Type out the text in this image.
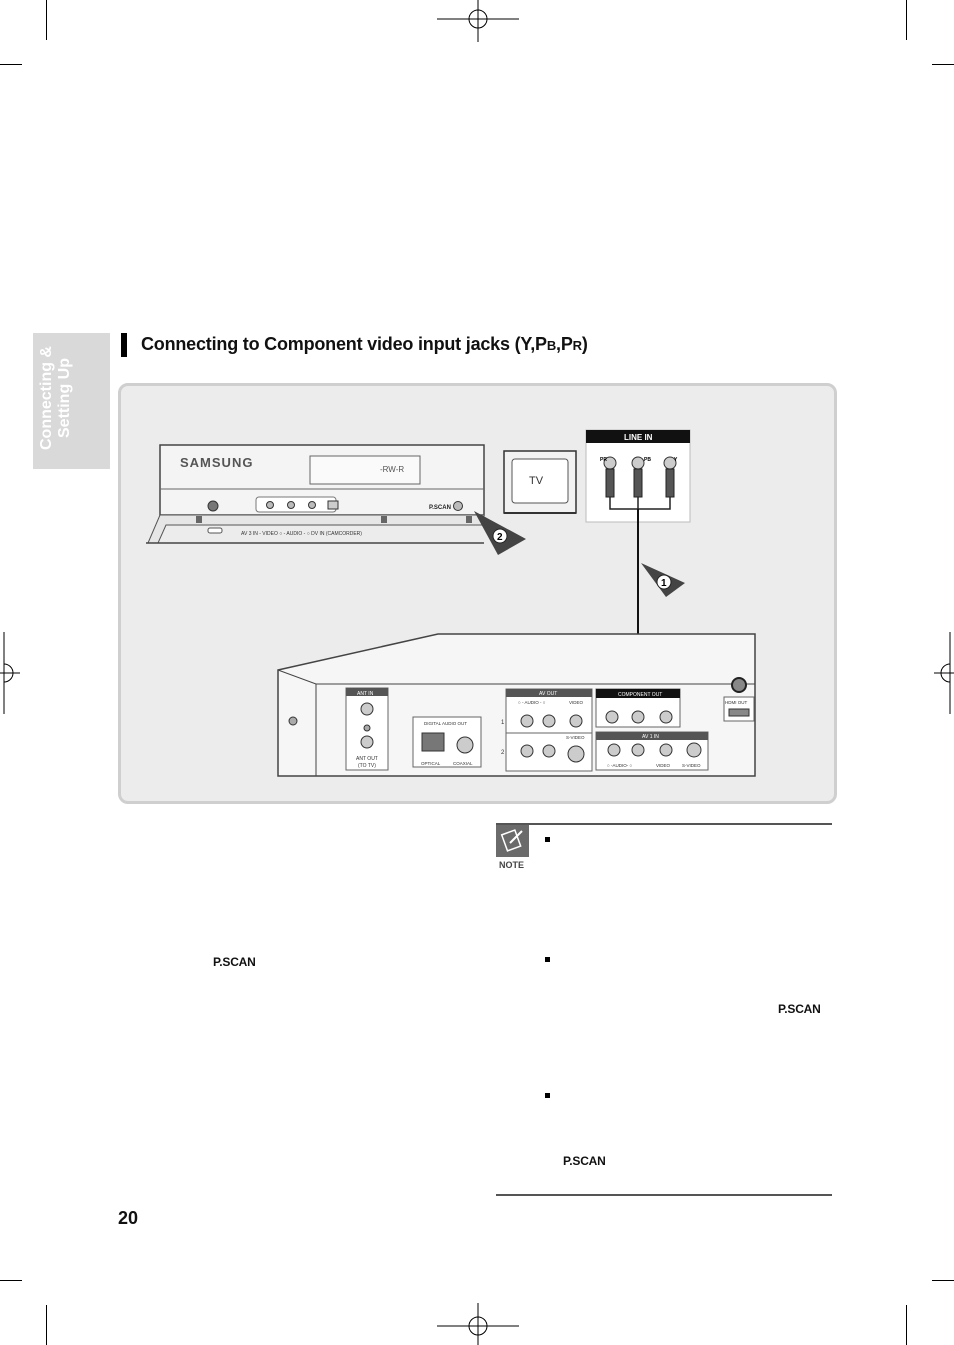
Connecting & Setting Up
Connecting to Component video input jacks (Y,PB,PR)
SAMSUNG	-RW-R
P.SCAN
AV 3 IN - VIDEO ○ - AUDIO - ○ DV IN (CAMCORDER)	2
TV
LINE IN
PR	PB	Y
1
ANT IN
ANT OUT
(TO TV)
DIGITAL AUDIO OUT
OPTICAL	COAXIAL
AV OUT
○ - AUDIO - ○	VIDEO
S-VIDEO
1
2
COMPONENT OUT
AV 1 IN
○ -AUDIO- ○	VIDEO	S-VIDEO
HDMI OUT
P.SCAN
NOTE
P.SCAN
P.SCAN
20
